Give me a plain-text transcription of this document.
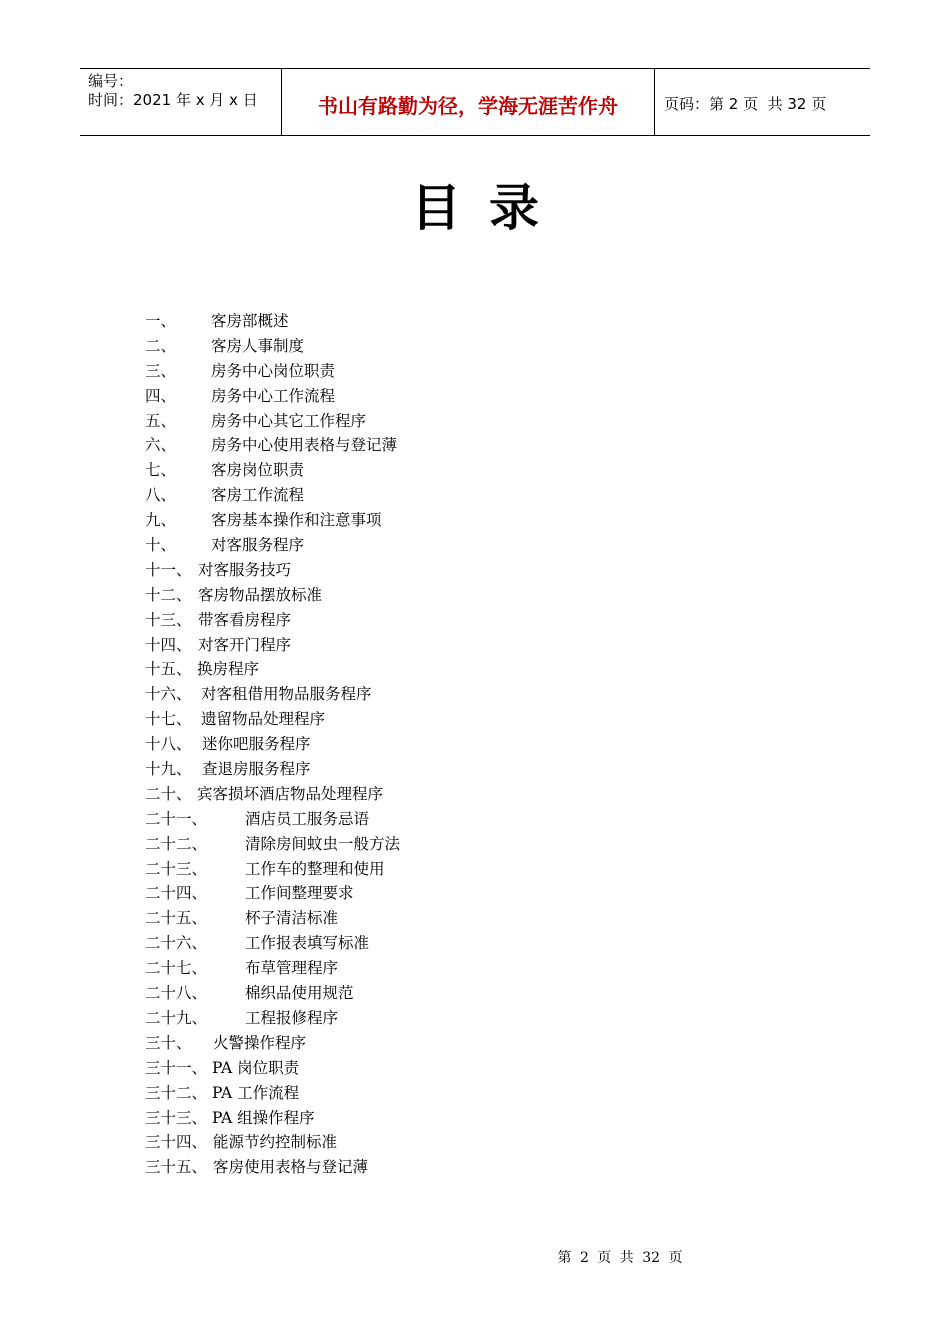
编号：
时间：2021 年 x 月 x 日	书山有路勤为径，学海无涯苦作舟	页码：第 2 页  共 32 页
目录
一、	客房部概述
二、	客房人事制度
三、	房务中心岗位职责
四、	房务中心工作流程
五、	房务中心其它工作程序
六、	房务中心使用表格与登记薄
七、	客房岗位职责
八、	客房工作流程
九、	客房基本操作和注意事项
十、	对客服务程序
十一、 对客服务技巧
十二、 客房物品摆放标准
十三、 带客看房程序
十四、 对客开门程序
十五、 换房程序
十六、 对客租借用物品服务程序
十七、 遗留物品处理程序
十八、 迷你吧服务程序
十九、 查退房服务程序
二十、 宾客损坏酒店物品处理程序
二十一、	酒店员工服务忌语
二十二、	清除房间蚊虫一般方法
二十三、	工作车的整理和使用
二十四、	工作间整理要求
二十五、	杯子清洁标准
二十六、	工作报表填写标准
二十七、	布草管理程序
二十八、	棉织品使用规范
二十九、	工程报修程序
三十、	火警操作程序
三十一、 PA 岗位职责
三十二、 PA 工作流程
三十三、 PA 组操作程序
三十四、 能源节约控制标准
三十五、 客房使用表格与登记薄
第 2 页 共 32 页
